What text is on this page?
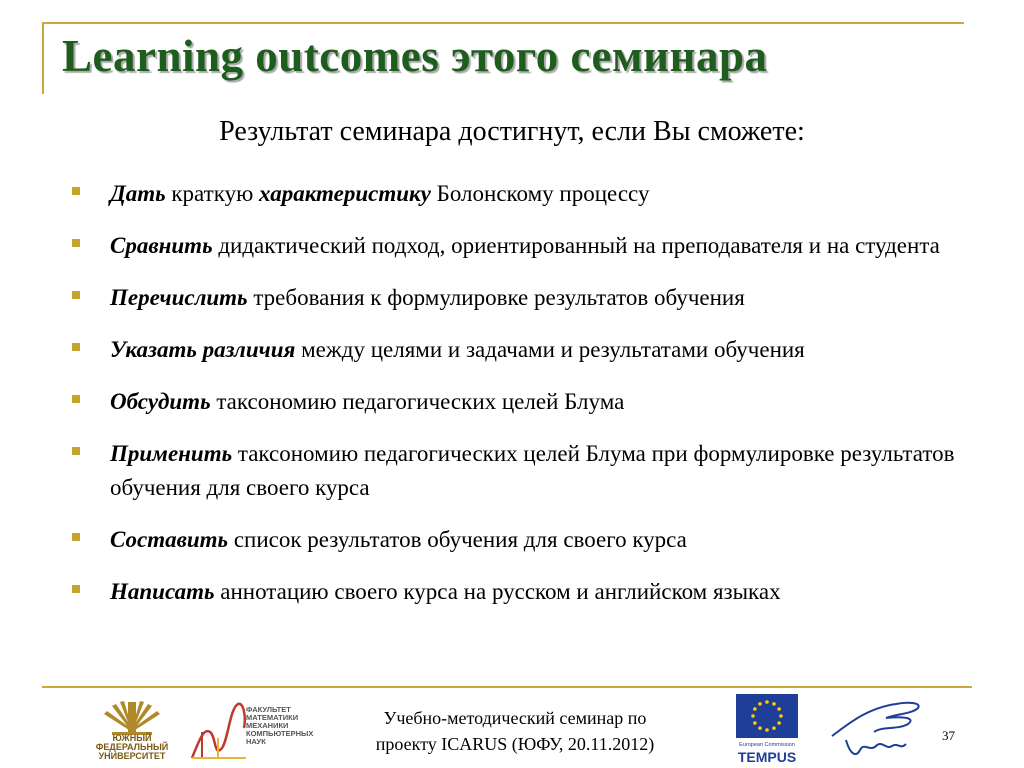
Learning outcomes этого семинара
Результат семинара достигнут, если Вы сможете:
Дать краткую характеристику Болонскому процессу
Сравнить дидактический подход, ориентированный на преподавателя и на студента
Перечислить требования к формулировке результатов обучения
Указать различия между целями и задачами и результатами обучения
Обсудить таксономию педагогических целей Блума
Применить таксономию педагогических целей Блума при формулировке результатов обучения для своего курса
Составить список результатов обучения для своего курса
Написать аннотацию своего курса на русском и английском языках
Учебно-методический семинар по
проекту ICARUS (ЮФУ, 20.11.2012)	37
ЮЖНЫЙ
ФЕДЕРАЛЬНЫЙ
УНИВЕРСИТЕТ
ФАКУЛЬТЕТ
МАТЕМАТИКИ
МЕХАНИКИ
КОМПЬЮТЕРНЫХ
НАУК	European Commission
TEMPUS
